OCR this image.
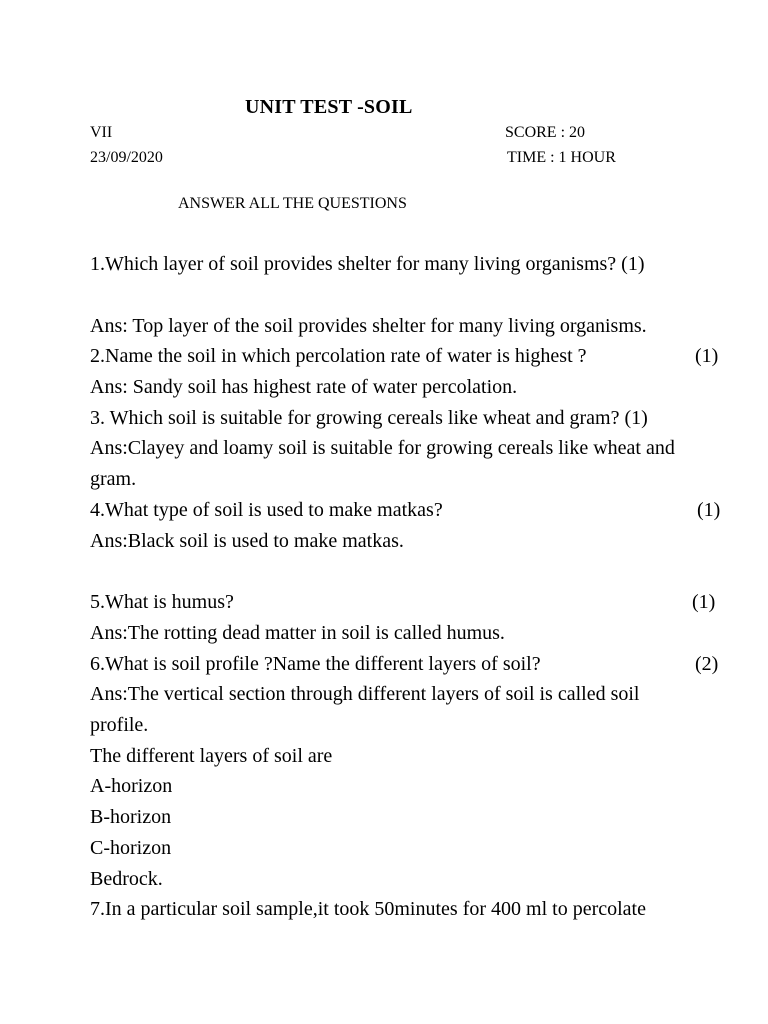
UNIT TEST -SOIL
VII	SCORE : 20
23/09/2020	TIME : 1 HOUR
ANSWER ALL THE QUESTIONS
1.Which layer of soil provides shelter for many living organisms? (1)
Ans: Top layer of the soil provides shelter for many living organisms.
2.Name the soil in which percolation rate of water is highest ?	(1)
Ans: Sandy soil has highest rate of water percolation.
3. Which soil is suitable for growing cereals like wheat and gram? (1)
Ans:Clayey and loamy soil is suitable for growing cereals like wheat and
gram.
4.What type of soil is used to make matkas?	(1)
Ans:Black soil is used to make matkas.
5.What is humus?	(1)
Ans:The rotting dead matter in soil is called humus.
6.What is soil profile ?Name the different layers of soil?	(2)
Ans:The vertical section through different layers of soil is called soil
profile.
The different layers of soil are
A-horizon
B-horizon
C-horizon
Bedrock.
7.In a particular soil sample,it took 50minutes for 400 ml to percolate
